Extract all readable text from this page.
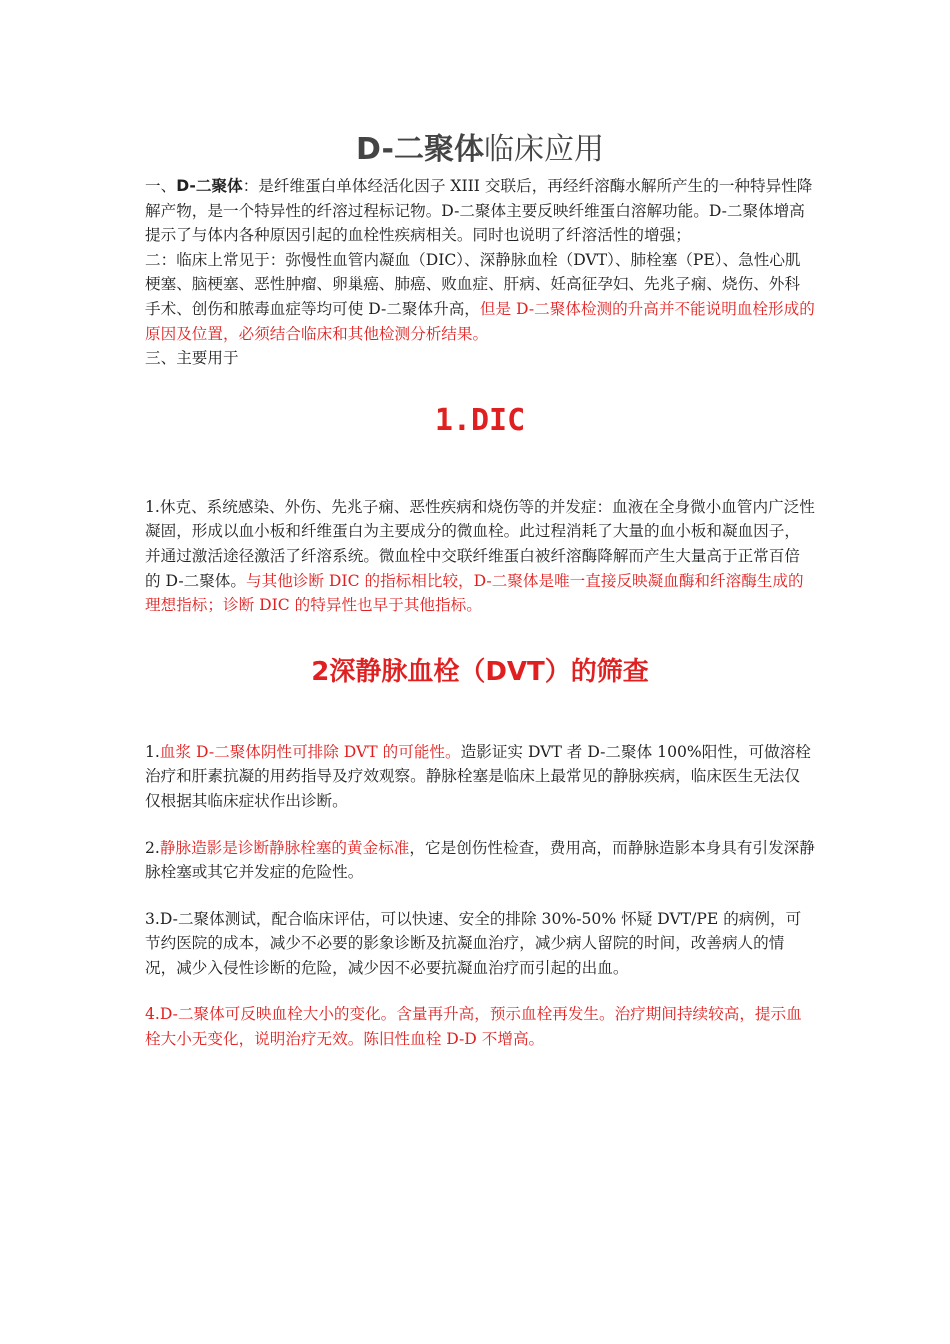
D-二聚体临床应用

一、D-二聚体：是纤维蛋白单体经活化因子 XIII 交联后，再经纤溶酶水解所产生的一种特异性降解产物，是一个特异性的纤溶过程标记物。D-二聚体主要反映纤维蛋白溶解功能。D-二聚体增高提示了与体内各种原因引起的血栓性疾病相关。同时也说明了纤溶活性的增强；

二：临床上常见于：弥慢性血管内凝血（DIC）、深静脉血栓（DVT）、肺栓塞（PE）、急性心肌梗塞、脑梗塞、恶性肿瘤、卵巢癌、肺癌、败血症、肝病、妊高征孕妇、先兆子痫、烧伤、外科手术、创伤和脓毒血症等均可使 D-二聚体升高，但是 D-二聚体检测的升高并不能说明血栓形成的原因及位置，必须结合临床和其他检测分析结果。

三、主要用于

1.DIC

1.休克、系统感染、外伤、先兆子痫、恶性疾病和烧伤等的并发症：血液在全身微小血管内广泛性凝固，形成以血小板和纤维蛋白为主要成分的微血栓。此过程消耗了大量的血小板和凝血因子，并通过激活途径激活了纤溶系统。微血栓中交联纤维蛋白被纤溶酶降解而产生大量高于正常百倍的 D-二聚体。与其他诊断 DIC 的指标相比较，D-二聚体是唯一直接反映凝血酶和纤溶酶生成的理想指标；诊断 DIC 的特异性也早于其他指标。

2深静脉血栓（DVT）的筛查

1.血浆 D-二聚体阴性可排除 DVT 的可能性。造影证实 DVT 者 D-二聚体 100%阳性，可做溶栓治疗和肝素抗凝的用药指导及疗效观察。静脉栓塞是临床上最常见的静脉疾病，临床医生无法仅仅根据其临床症状作出诊断。

2.静脉造影是诊断静脉栓塞的黄金标准，它是创伤性检查，费用高，而静脉造影本身具有引发深静脉栓塞或其它并发症的危险性。

3.D-二聚体测试，配合临床评估，可以快速、安全的排除 30%-50% 怀疑 DVT/PE 的病例，可节约医院的成本，减少不必要的影象诊断及抗凝血治疗，减少病人留院的时间，改善病人的情况，减少入侵性诊断的危险，减少因不必要抗凝血治疗而引起的出血。

4.D-二聚体可反映血栓大小的变化。含量再升高，预示血栓再发生。治疗期间持续较高，提示血栓大小无变化，说明治疗无效。陈旧性血栓 D-D 不增高。
